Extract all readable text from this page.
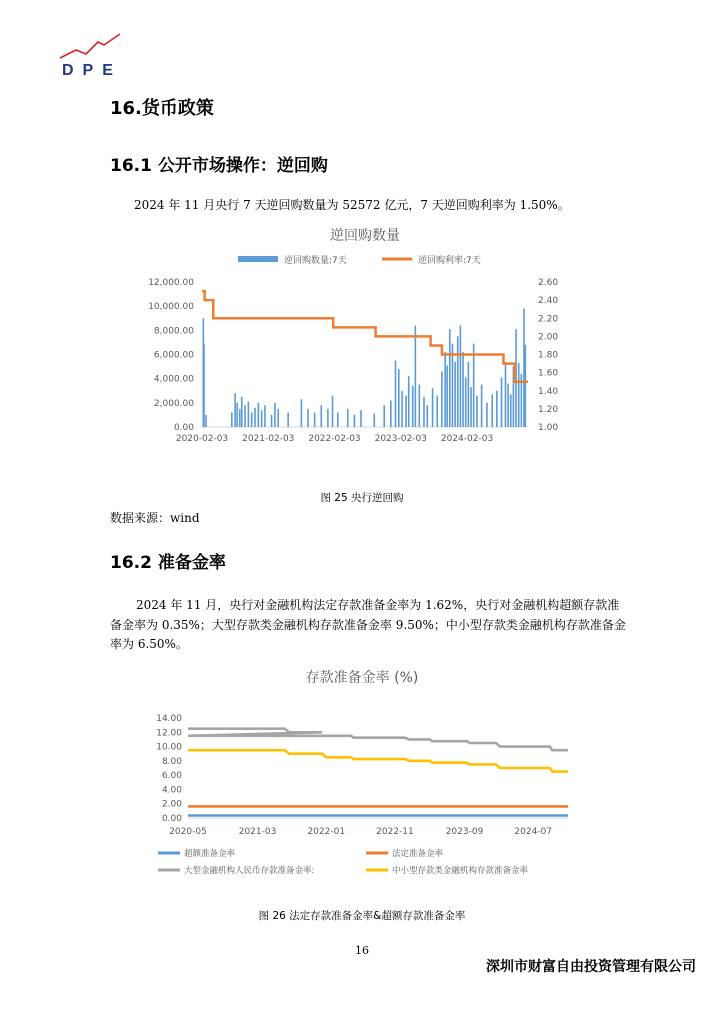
DPE
16.货币政策
16.1 公开市场操作：逆回购
2024 年 11 月央行 7 天逆回购数量为 52572 亿元，7 天逆回购利率为 1.50%。
逆回购数量
逆回购数量:7天	逆回购利率:7天
0.00
2,000.00
4,000.00
6,000.00
8,000.00
10,000.00
12,000.00
1.00
1.20
1.40
1.60
1.80
2.00
2.20
2.40
2.60
2020-02-03 2021-02-03 2022-02-03 2023-02-03 2024-02-03
图 25 央行逆回购
数据来源：wind
16.2 准备金率
2024 年 11 月，央行对金融机构法定存款准备金率为 1.62%，央行对金融机构超额存款准备金率为 0.35%；大型存款类金融机构存款准备金率 9.50%；中小型存款类金融机构存款准备金率为 6.50%。
存款准备金率 (%)
0.00
2.00
4.00
6.00
8.00
10.00
12.00
14.00
2020-05	2021-03	2022-01	2022-11	2023-09	2024-07
超额准备金率	法定准备金率
大型金融机构人民币存款准备金率:	中小型存款类金融机构存款准备金率
图 26 法定存款准备金率&超额存款准备金率
16
深圳市财富自由投资管理有限公司
